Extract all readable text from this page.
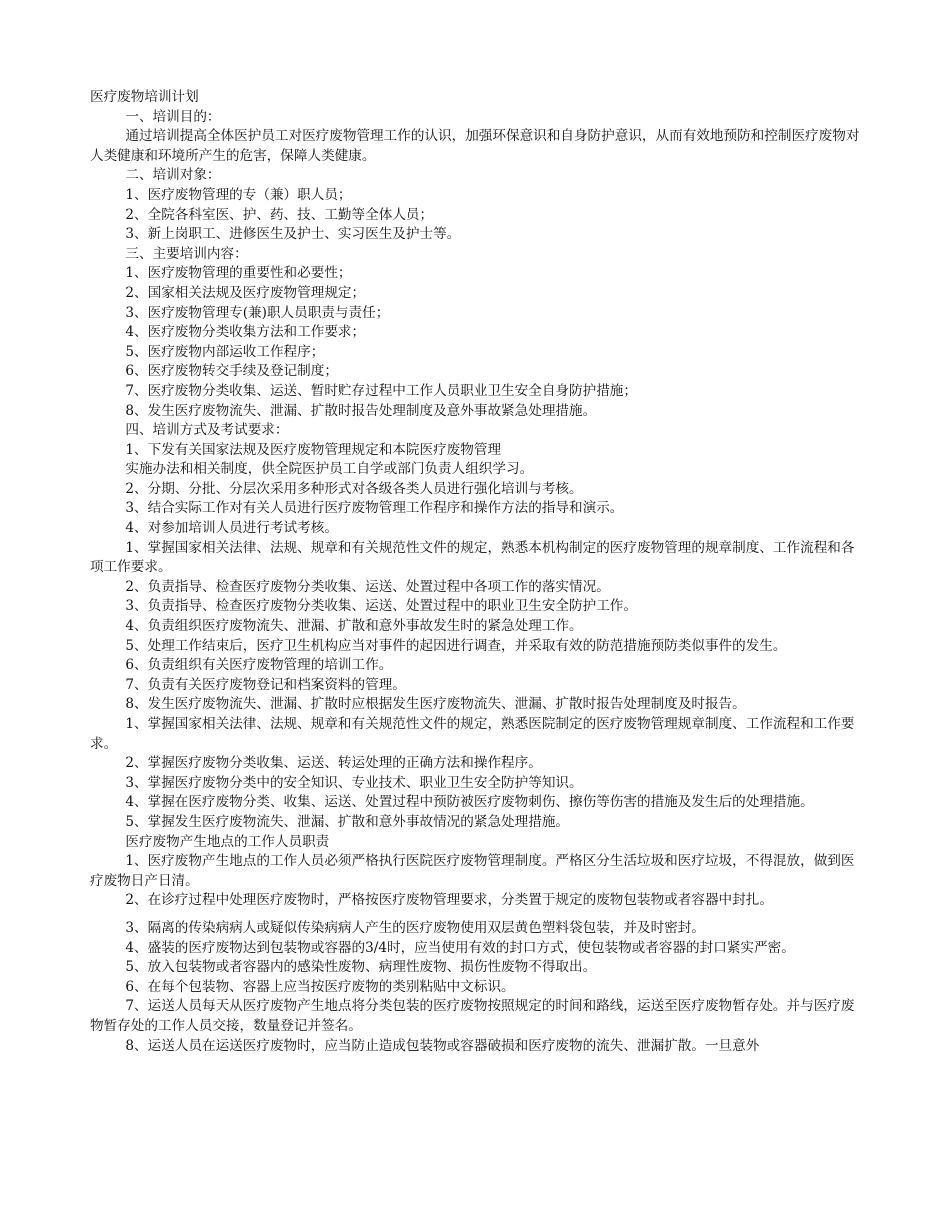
医疗废物培训计划
一、培训目的：
通过培训提高全体医护员工对医疗废物管理工作的认识，加强环保意识和自身防护意识，从而有效地预防和控制医疗废物对人类健康和环境所产生的危害，保障人类健康。
二、培训对象：
1、医疗废物管理的专（兼）职人员；
2、全院各科室医、护、药、技、工勤等全体人员；
3、新上岗职工、进修医生及护士、实习医生及护士等。
三、主要培训内容：
1、医疗废物管理的重要性和必要性；
2、国家相关法规及医疗废物管理规定；
3、医疗废物管理专(兼)职人员职责与责任；
4、医疗废物分类收集方法和工作要求；
5、医疗废物内部运收工作程序；
6、医疗废物转交手续及登记制度；
7、医疗废物分类收集、运送、暂时贮存过程中工作人员职业卫生安全自身防护措施；
8、发生医疗废物流失、泄漏、扩散时报告处理制度及意外事故紧急处理措施。
四、培训方式及考试要求：
1、下发有关国家法规及医疗废物管理规定和本院医疗废物管理
实施办法和相关制度，供全院医护员工自学或部门负责人组织学习。
2、分期、分批、分层次采用多种形式对各级各类人员进行强化培训与考核。
3、结合实际工作对有关人员进行医疗废物管理工作程序和操作方法的指导和演示。
4、对参加培训人员进行考试考核。
1、掌握国家相关法律、法规、规章和有关规范性文件的规定，熟悉本机构制定的医疗废物管理的规章制度、工作流程和各项工作要求。
2、负责指导、检查医疗废物分类收集、运送、处置过程中各项工作的落实情况。
3、负责指导、检查医疗废物分类收集、运送、处置过程中的职业卫生安全防护工作。
4、负责组织医疗废物流失、泄漏、扩散和意外事故发生时的紧急处理工作。
5、处理工作结束后，医疗卫生机构应当对事件的起因进行调查，并采取有效的防范措施预防类似事件的发生。
6、负责组织有关医疗废物管理的培训工作。
7、负责有关医疗废物登记和档案资料的管理。
8、发生医疗废物流失、泄漏、扩散时应根据发生医疗废物流失、泄漏、扩散时报告处理制度及时报告。
1、掌握国家相关法律、法规、规章和有关规范性文件的规定，熟悉医院制定的医疗废物管理规章制度、工作流程和工作要求。
2、掌握医疗废物分类收集、运送、转运处理的正确方法和操作程序。
3、掌握医疗废物分类中的安全知识、专业技术、职业卫生安全防护等知识。
4、掌握在医疗废物分类、收集、运送、处置过程中预防被医疗废物刺伤、擦伤等伤害的措施及发生后的处理措施。
5、掌握发生医疗废物流失、泄漏、扩散和意外事故情况的紧急处理措施。
医疗废物产生地点的工作人员职责
1、医疗废物产生地点的工作人员必须严格执行医院医疗废物管理制度。严格区分生活垃圾和医疗垃圾，不得混放，做到医疗废物日产日清。
2、在诊疗过程中处理医疗废物时，严格按医疗废物管理要求，分类置于规定的废物包装物或者容器中封扎。
3、隔离的传染病病人或疑似传染病病人产生的医疗废物使用双层黄色塑料袋包装，并及时密封。
4、盛装的医疗废物达到包装物或容器的3/4时，应当使用有效的封口方式，使包装物或者容器的封口紧实严密。
5、放入包装物或者容器内的感染性废物、病理性废物、损伤性废物不得取出。
6、在每个包装物、容器上应当按医疗废物的类别粘贴中文标识。
7、运送人员每天从医疗废物产生地点将分类包装的医疗废物按照规定的时间和路线，运送至医疗废物暂存处。并与医疗废物暂存处的工作人员交接，数量登记并签名。
8、运送人员在运送医疗废物时，应当防止造成包装物或容器破损和医疗废物的流失、泄漏扩散。一旦意外
